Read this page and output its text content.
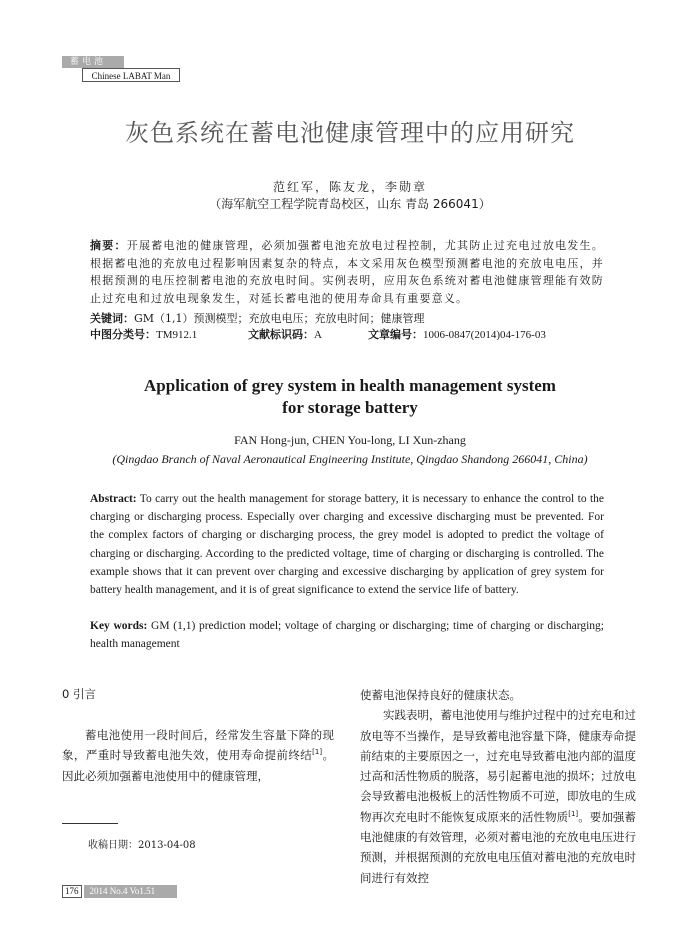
蓄电池
Chinese LABAT Man
灰色系统在蓄电池健康管理中的应用研究
范红军，陈友龙，李勋章
（海军航空工程学院青岛校区，山东 青岛 266041）
摘要：开展蓄电池的健康管理，必须加强蓄电池充放电过程控制，尤其防止过充电过放电发生。根据蓄电池的充放电过程影响因素复杂的特点，本文采用灰色模型预测蓄电池的充放电电压，并根据预测的电压控制蓄电池的充放电时间。实例表明，应用灰色系统对蓄电池健康管理能有效防止过充电和过放电现象发生，对延长蓄电池的使用寿命具有重要意义。
关键词：GM（1,1）预测模型；充放电电压；充放电时间；健康管理
中图分类号：TM912.1	文献标识码：A	文章编号：1006-0847(2014)04-176-03
Application of grey system in health management system
for storage battery
FAN Hong-jun, CHEN You-long, LI Xun-zhang
(Qingdao Branch of Naval Aeronautical Engineering Institute, Qingdao Shandong 266041, China)
Abstract: To carry out the health management for storage battery, it is necessary to enhance the control to the charging or discharging process. Especially over charging and excessive discharging must be prevented. For the complex factors of charging or discharging process, the grey model is adopted to predict the voltage of charging or discharging. According to the predicted voltage, time of charging or discharging is controlled. The example shows that it can prevent over charging and excessive discharging by application of grey system for battery health management, and it is of great significance to extend the service life of battery.
Key words: GM (1,1) prediction model; voltage of charging or discharging; time of charging or discharging; health management
0 引言

蓄电池使用一段时间后，经常发生容量下降的现象，严重时导致蓄电池失效，使用寿命提前终结[1]。因此必须加强蓄电池使用中的健康管理，

使蓄电池保持良好的健康状态。

实践表明，蓄电池使用与维护过程中的过充电和过放电等不当操作，是导致蓄电池容量下降，健康寿命提前结束的主要原因之一，过充电导致蓄电池内部的温度过高和活性物质的脱落，易引起蓄电池的损坏；过放电会导致蓄电池极板上的活性物质不可逆，即放电的生成物再次充电时不能恢复成原来的活性物质[1]。要加强蓄电池健康的有效管理，必须对蓄电池的充放电电压进行预测，并根据预测的充放电电压值对蓄电池的充放电时间进行有效控

收稿日期：2013-04-08
176 2014 No.4 Vo1.51
